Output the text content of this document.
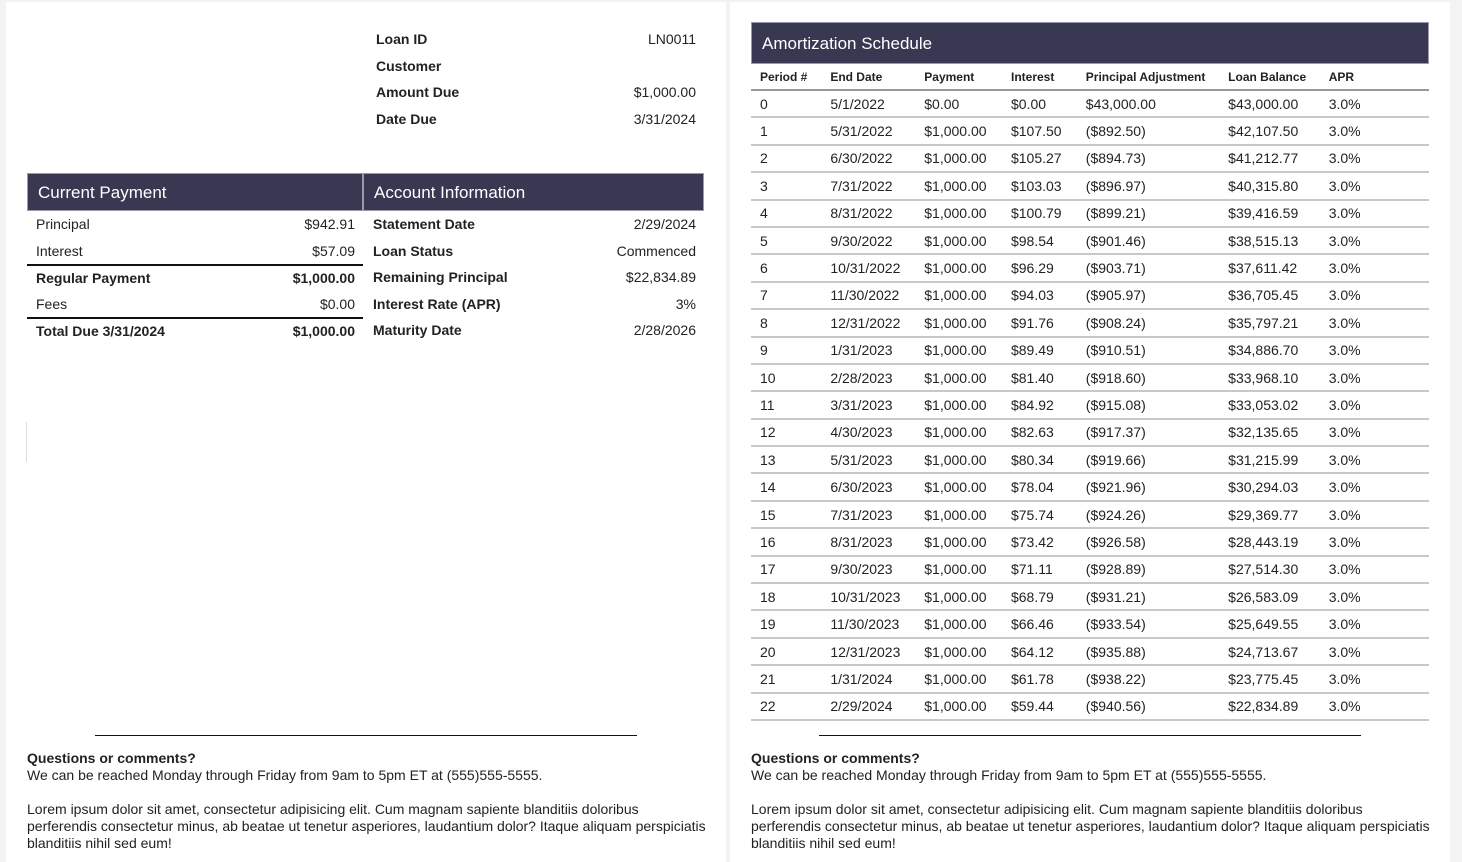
Loan ID	LN0011
Customer
Amount Due	$1,000.00
Date Due	3/31/2024
Current Payment
Principal	$942.91
Interest	$57.09
Regular Payment	$1,000.00
Fees	$0.00
Total Due 3/31/2024	$1,000.00
Account Information
Statement Date	2/29/2024
Loan Status	Commenced
Remaining Principal	$22,834.89
Interest Rate (APR)	3%
Maturity Date	2/28/2026

Questions or comments?

We can be reached Monday through Friday from 9am to 5pm ET at (555)555-5555.

Lorem ipsum dolor sit amet, consectetur adipisicing elit. Cum magnam sapiente blanditiis doloribus perferendis consectetur minus, ab beatae ut tenetur asperiores, laudantium dolor? Itaque aliquam perspiciatis blanditiis nihil sed eum!

Amortization Schedule
Period #	End Date	Payment	Interest	Principal Adjustment	Loan Balance	APR
0	5/1/2022	$0.00	$0.00	$43,000.00	$43,000.00	3.0%
1	5/31/2022	$1,000.00	$107.50	($892.50)	$42,107.50	3.0%
2	6/30/2022	$1,000.00	$105.27	($894.73)	$41,212.77	3.0%
3	7/31/2022	$1,000.00	$103.03	($896.97)	$40,315.80	3.0%
4	8/31/2022	$1,000.00	$100.79	($899.21)	$39,416.59	3.0%
5	9/30/2022	$1,000.00	$98.54	($901.46)	$38,515.13	3.0%
6	10/31/2022	$1,000.00	$96.29	($903.71)	$37,611.42	3.0%
7	11/30/2022	$1,000.00	$94.03	($905.97)	$36,705.45	3.0%
8	12/31/2022	$1,000.00	$91.76	($908.24)	$35,797.21	3.0%
9	1/31/2023	$1,000.00	$89.49	($910.51)	$34,886.70	3.0%
10	2/28/2023	$1,000.00	$81.40	($918.60)	$33,968.10	3.0%
11	3/31/2023	$1,000.00	$84.92	($915.08)	$33,053.02	3.0%
12	4/30/2023	$1,000.00	$82.63	($917.37)	$32,135.65	3.0%
13	5/31/2023	$1,000.00	$80.34	($919.66)	$31,215.99	3.0%
14	6/30/2023	$1,000.00	$78.04	($921.96)	$30,294.03	3.0%
15	7/31/2023	$1,000.00	$75.74	($924.26)	$29,369.77	3.0%
16	8/31/2023	$1,000.00	$73.42	($926.58)	$28,443.19	3.0%
17	9/30/2023	$1,000.00	$71.11	($928.89)	$27,514.30	3.0%
18	10/31/2023	$1,000.00	$68.79	($931.21)	$26,583.09	3.0%
19	11/30/2023	$1,000.00	$66.46	($933.54)	$25,649.55	3.0%
20	12/31/2023	$1,000.00	$64.12	($935.88)	$24,713.67	3.0%
21	1/31/2024	$1,000.00	$61.78	($938.22)	$23,775.45	3.0%
22	2/29/2024	$1,000.00	$59.44	($940.56)	$22,834.89	3.0%

Questions or comments?

We can be reached Monday through Friday from 9am to 5pm ET at (555)555-5555.

Lorem ipsum dolor sit amet, consectetur adipisicing elit. Cum magnam sapiente blanditiis doloribus perferendis consectetur minus, ab beatae ut tenetur asperiores, laudantium dolor? Itaque aliquam perspiciatis blanditiis nihil sed eum!
